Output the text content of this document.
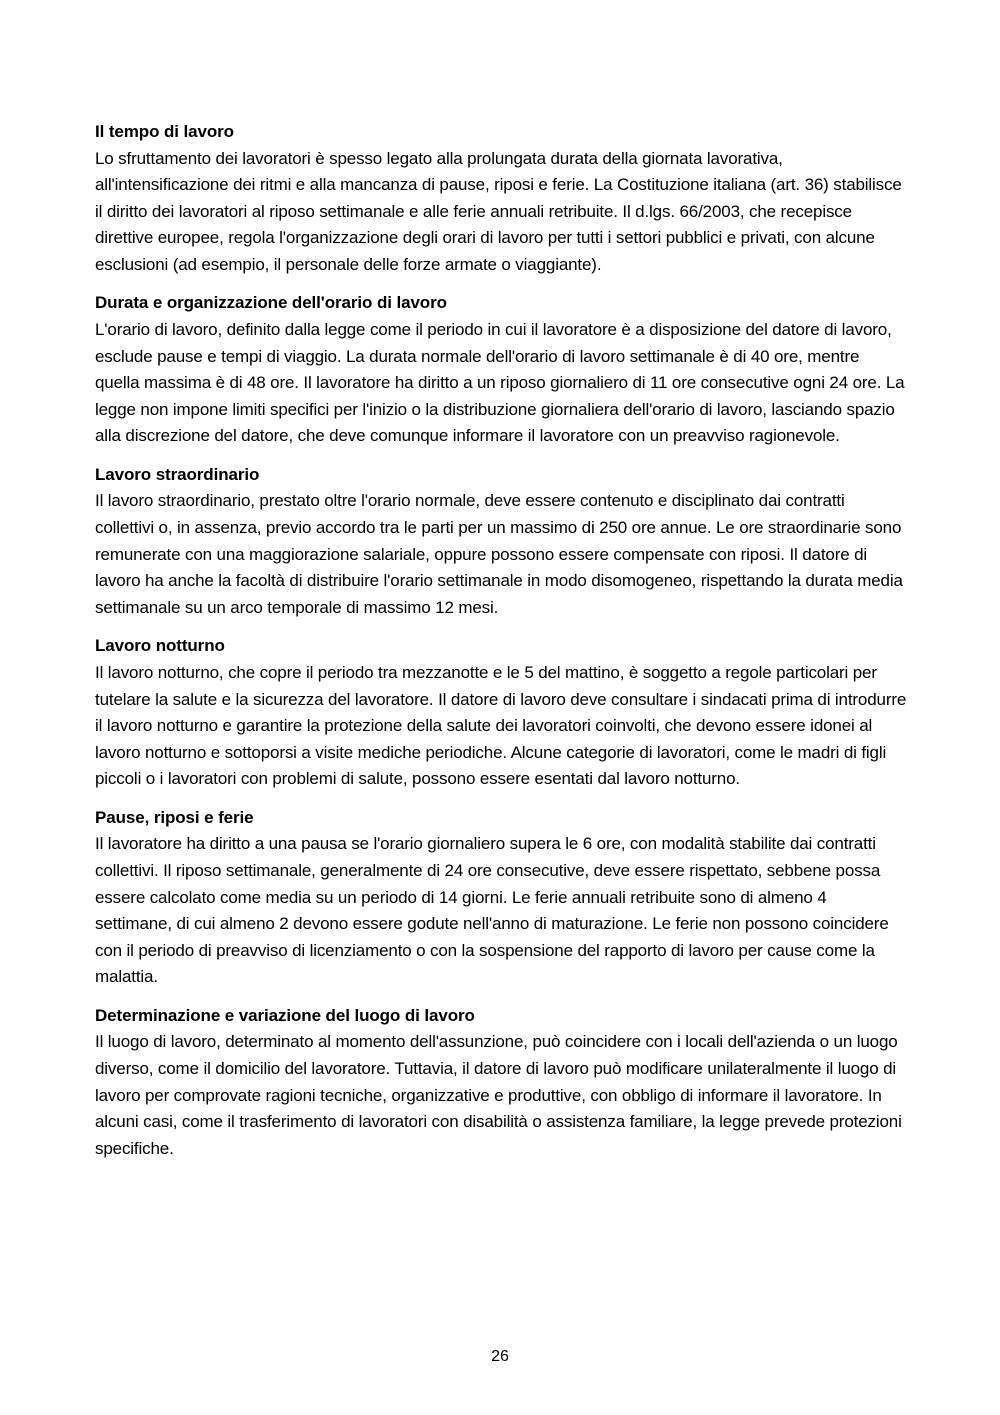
Il tempo di lavoro

Lo sfruttamento dei lavoratori è spesso legato alla prolungata durata della giornata lavorativa, all'intensificazione dei ritmi e alla mancanza di pause, riposi e ferie. La Costituzione italiana (art. 36) stabilisce il diritto dei lavoratori al riposo settimanale e alle ferie annuali retribuite. Il d.lgs. 66/2003, che recepisce direttive europee, regola l'organizzazione degli orari di lavoro per tutti i settori pubblici e privati, con alcune esclusioni (ad esempio, il personale delle forze armate o viaggiante).

Durata e organizzazione dell'orario di lavoro

L'orario di lavoro, definito dalla legge come il periodo in cui il lavoratore è a disposizione del datore di lavoro, esclude pause e tempi di viaggio. La durata normale dell'orario di lavoro settimanale è di 40 ore, mentre quella massima è di 48 ore. Il lavoratore ha diritto a un riposo giornaliero di 11 ore consecutive ogni 24 ore. La legge non impone limiti specifici per l'inizio o la distribuzione giornaliera dell'orario di lavoro, lasciando spazio alla discrezione del datore, che deve comunque informare il lavoratore con un preavviso ragionevole.

Lavoro straordinario

Il lavoro straordinario, prestato oltre l'orario normale, deve essere contenuto e disciplinato dai contratti collettivi o, in assenza, previo accordo tra le parti per un massimo di 250 ore annue. Le ore straordinarie sono remunerate con una maggiorazione salariale, oppure possono essere compensate con riposi. Il datore di lavoro ha anche la facoltà di distribuire l'orario settimanale in modo disomogeneo, rispettando la durata media settimanale su un arco temporale di massimo 12 mesi.

Lavoro notturno

Il lavoro notturno, che copre il periodo tra mezzanotte e le 5 del mattino, è soggetto a regole particolari per tutelare la salute e la sicurezza del lavoratore. Il datore di lavoro deve consultare i sindacati prima di introdurre il lavoro notturno e garantire la protezione della salute dei lavoratori coinvolti, che devono essere idonei al lavoro notturno e sottoporsi a visite mediche periodiche. Alcune categorie di lavoratori, come le madri di figli piccoli o i lavoratori con problemi di salute, possono essere esentati dal lavoro notturno.

Pause, riposi e ferie

Il lavoratore ha diritto a una pausa se l'orario giornaliero supera le 6 ore, con modalità stabilite dai contratti collettivi. Il riposo settimanale, generalmente di 24 ore consecutive, deve essere rispettato, sebbene possa essere calcolato come media su un periodo di 14 giorni. Le ferie annuali retribuite sono di almeno 4 settimane, di cui almeno 2 devono essere godute nell'anno di maturazione. Le ferie non possono coincidere con il periodo di preavviso di licenziamento o con la sospensione del rapporto di lavoro per cause come la malattia.

Determinazione e variazione del luogo di lavoro

Il luogo di lavoro, determinato al momento dell'assunzione, può coincidere con i locali dell'azienda o un luogo diverso, come il domicilio del lavoratore. Tuttavia, il datore di lavoro può modificare unilateralmente il luogo di lavoro per comprovate ragioni tecniche, organizzative e produttive, con obbligo di informare il lavoratore. In alcuni casi, come il trasferimento di lavoratori con disabilità o assistenza familiare, la legge prevede protezioni specifiche.

26
